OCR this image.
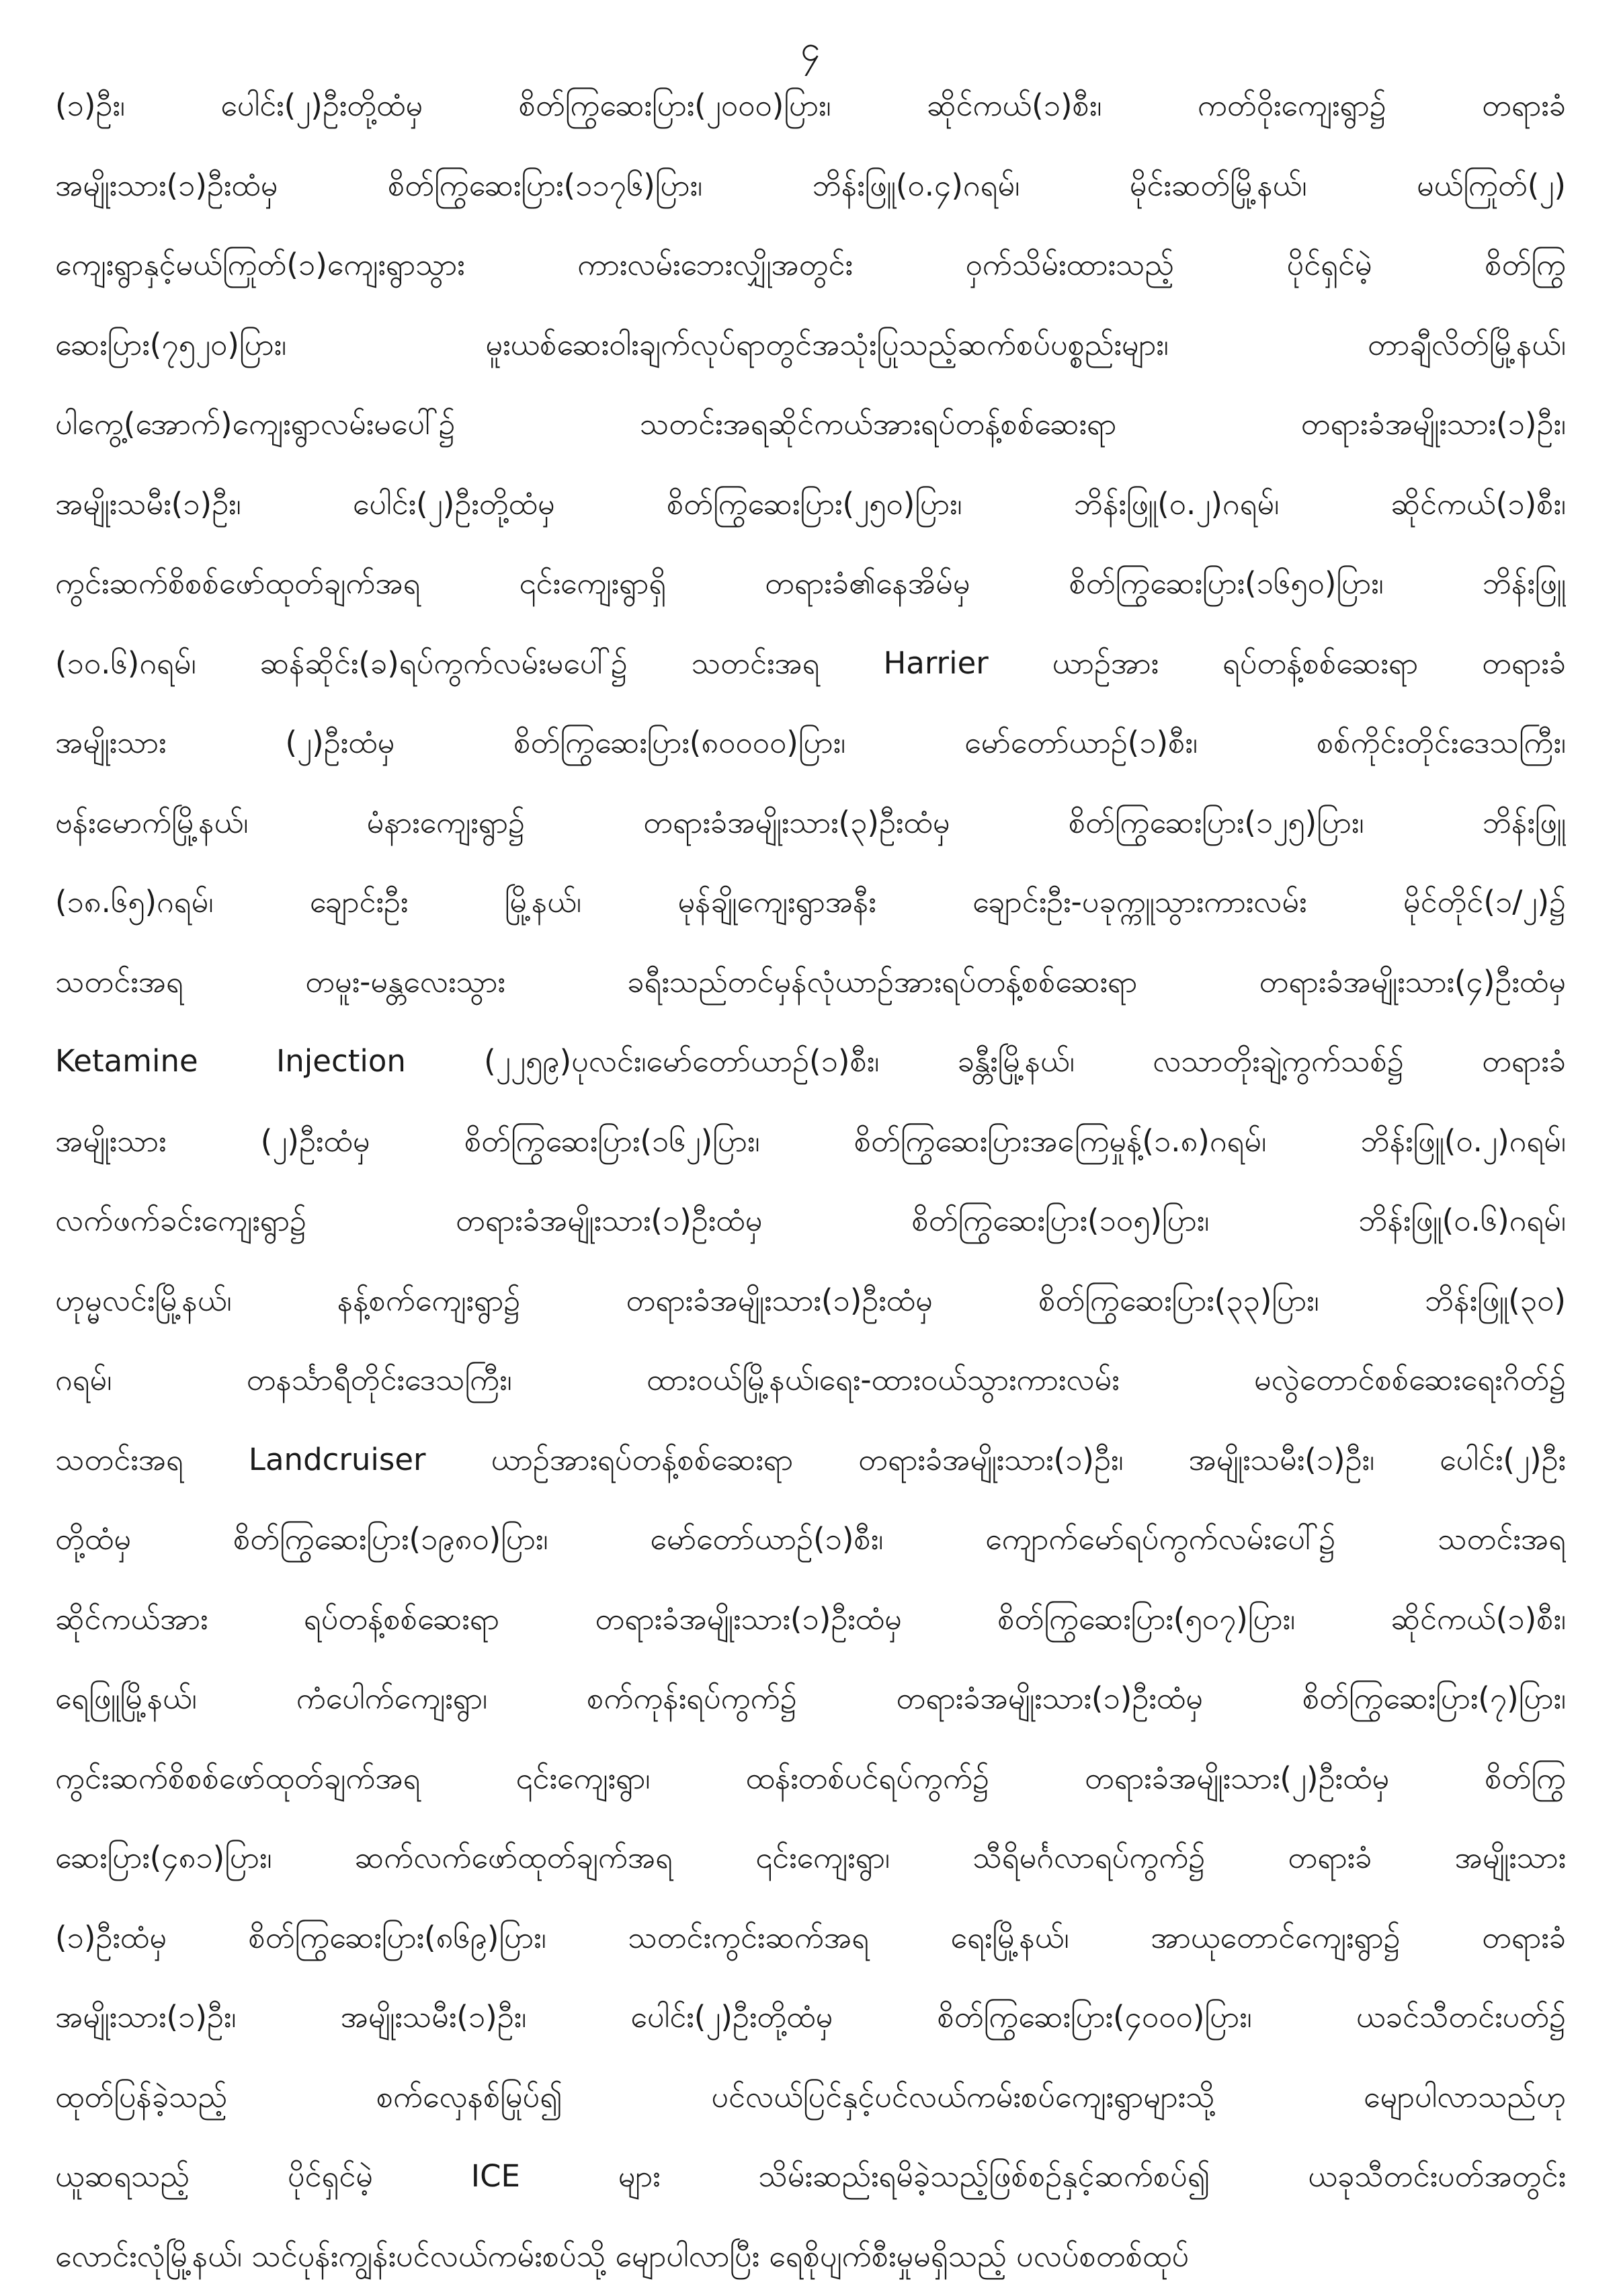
၄
(၁)ဦး၊ ပေါင်း(၂)ဦးတို့ထံမှ စိတ်ကြွဆေးပြား(၂၀၀၀)ပြား၊ ဆိုင်ကယ်(၁)စီး၊ ကတ်ဝိုးကျေးရွာ၌ တရားခံ
အမျိုးသား(၁)ဦးထံမှ စိတ်ကြွဆေးပြား(၁၁၇၆)ပြား၊ ဘိန်းဖြူ(၀.၄)ဂရမ်၊ မိုင်းဆတ်မြို့နယ်၊ မယ်ကြုတ်(၂)
ကျေးရွာနှင့်မယ်ကြုတ်(၁)ကျေးရွာသွား ကားလမ်းဘေးလျှိုအတွင်း ဝှက်သိမ်းထားသည့် ပိုင်ရှင်မဲ့ စိတ်ကြွ
ဆေးပြား(၇၅၂၀)ပြား၊ မူးယစ်ဆေးဝါးချက်လုပ်ရာတွင်အသုံးပြုသည့်ဆက်စပ်ပစ္စည်းများ၊ တာချီလိတ်မြို့နယ်၊
ပါကွေ့(အောက်)ကျေးရွာလမ်းမပေါ်၌ သတင်းအရဆိုင်ကယ်အားရပ်တန့်စစ်ဆေးရာ တရားခံအမျိုးသား(၁)ဦး၊
အမျိုးသမီး(၁)ဦး၊ ပေါင်း(၂)ဦးတို့ထံမှ စိတ်ကြွဆေးပြား(၂၅၀)ပြား၊ ဘိန်းဖြူ(၀.၂)ဂရမ်၊ ဆိုင်ကယ်(၁)စီး၊
ကွင်းဆက်စိစစ်ဖော်ထုတ်ချက်အရ ၎င်းကျေးရွာရှိ တရားခံ၏နေအိမ်မှ စိတ်ကြွဆေးပြား(၁၆၅၀)ပြား၊ ဘိန်းဖြူ
(၁၀.၆)ဂရမ်၊ ဆန်ဆိုင်း(ခ)ရပ်ကွက်လမ်းမပေါ်၌ သတင်းအရ Harrier ယာဉ်အား ရပ်တန့်စစ်ဆေးရာ တရားခံ
အမျိုးသား (၂)ဦးထံမှ စိတ်ကြွဆေးပြား(၈၀၀၀၀)ပြား၊ မော်တော်ယာဉ်(၁)စီး၊ စစ်ကိုင်းတိုင်းဒေသကြီး၊
ဗန်းမောက်မြို့နယ်၊ မံနားကျေးရွာ၌ တရားခံအမျိုးသား(၃)ဦးထံမှ စိတ်ကြွဆေးပြား(၁၂၅)ပြား၊ ဘိန်းဖြူ
(၁၈.၆၅)ဂရမ်၊ ချောင်းဦး မြို့နယ်၊ မုန်ချိုကျေးရွာအနီး ချောင်းဦး-ပခုက္ကူသွားကားလမ်း မိုင်တိုင်(၁/၂)၌
သတင်းအရ တမူး-မန္တလေးသွား ခရီးသည်တင်မှန်လုံယာဉ်အားရပ်တန့်စစ်ဆေးရာ တရားခံအမျိုးသား(၄)ဦးထံမှ
Ketamine Injection (၂၂၅၉)ပုလင်း၊မော်တော်ယာဉ်(၁)စီး၊ ခန္တီးမြို့နယ်၊ လသာတိုးချဲ့ကွက်သစ်၌ တရားခံ
အမျိုးသား (၂)ဦးထံမှ စိတ်ကြွဆေးပြား(၁၆၂)ပြား၊ စိတ်ကြွဆေးပြားအကြေမှုန့်(၁.၈)ဂရမ်၊ ဘိန်းဖြူ(၀.၂)ဂရမ်၊
လက်ဖက်ခင်းကျေးရွာ၌ တရားခံအမျိုးသား(၁)ဦးထံမှ စိတ်ကြွဆေးပြား(၁၀၅)ပြား၊ ဘိန်းဖြူ(၀.၆)ဂရမ်၊
ဟုမ္မလင်းမြို့နယ်၊ နန့်စက်ကျေးရွာ၌ တရားခံအမျိုးသား(၁)ဦးထံမှ စိတ်ကြွဆေးပြား(၃၃)ပြား၊ ဘိန်းဖြူ(၃၀)
ဂရမ်၊ တနင်္သာရီတိုင်းဒေသကြီး၊ ထားဝယ်မြို့နယ်၊ရေး-ထားဝယ်သွားကားလမ်း မလွဲတောင်စစ်ဆေးရေးဂိတ်၌
သတင်းအရ Landcruiser ယာဉ်အားရပ်တန့်စစ်ဆေးရာ တရားခံအမျိုးသား(၁)ဦး၊ အမျိုးသမီး(၁)ဦး၊ ပေါင်း(၂)ဦး
တို့ထံမှ စိတ်ကြွဆေးပြား(၁၉၈၀)ပြား၊ မော်တော်ယာဉ်(၁)စီး၊ ကျောက်မော်ရပ်ကွက်လမ်းပေါ်၌ သတင်းအရ
ဆိုင်ကယ်အား ရပ်တန့်စစ်ဆေးရာ တရားခံအမျိုးသား(၁)ဦးထံမှ စိတ်ကြွဆေးပြား(၅၀၇)ပြား၊ ဆိုင်ကယ်(၁)စီး၊
ရေဖြူမြို့နယ်၊ ကံပေါက်ကျေးရွာ၊ စက်ကုန်းရပ်ကွက်၌ တရားခံအမျိုးသား(၁)ဦးထံမှ စိတ်ကြွဆေးပြား(၇)ပြား၊
ကွင်းဆက်စိစစ်ဖော်ထုတ်ချက်အရ ၎င်းကျေးရွာ၊ ထန်းတစ်ပင်ရပ်ကွက်၌ တရားခံအမျိုးသား(၂)ဦးထံမှ စိတ်ကြွ
ဆေးပြား(၄၈၁)ပြား၊ ဆက်လက်ဖော်ထုတ်ချက်အရ ၎င်းကျေးရွာ၊ သီရိမင်္ဂလာရပ်ကွက်၌ တရားခံ အမျိုးသား
(၁)ဦးထံမှ စိတ်ကြွဆေးပြား(၈၆၉)ပြား၊ သတင်းကွင်းဆက်အရ ရေးမြို့နယ်၊ အာယုတောင်ကျေးရွာ၌ တရားခံ
အမျိုးသား(၁)ဦး၊ အမျိုးသမီး(၁)ဦး၊ ပေါင်း(၂)ဦးတို့ထံမှ စိတ်ကြွဆေးပြား(၄၀၀၀)ပြား၊ ယခင်သီတင်းပတ်၌
ထုတ်ပြန်ခဲ့သည့် စက်လှေနစ်မြုပ်၍ ပင်လယ်ပြင်နှင့်ပင်လယ်ကမ်းစပ်ကျေးရွာများသို့ မျောပါလာသည်ဟု
ယူဆရသည့် ပိုင်ရှင်မဲ့ ICE များ သိမ်းဆည်းရမိခဲ့သည့်ဖြစ်စဉ်နှင့်ဆက်စပ်၍ ယခုသီတင်းပတ်အတွင်း
လောင်းလုံမြို့နယ်၊ သင်ပုန်းကျွန်းပင်လယ်ကမ်းစပ်သို့ မျောပါလာပြီး ရေစိုပျက်စီးမှုမရှိသည့် ပလပ်စတစ်ထုပ်
